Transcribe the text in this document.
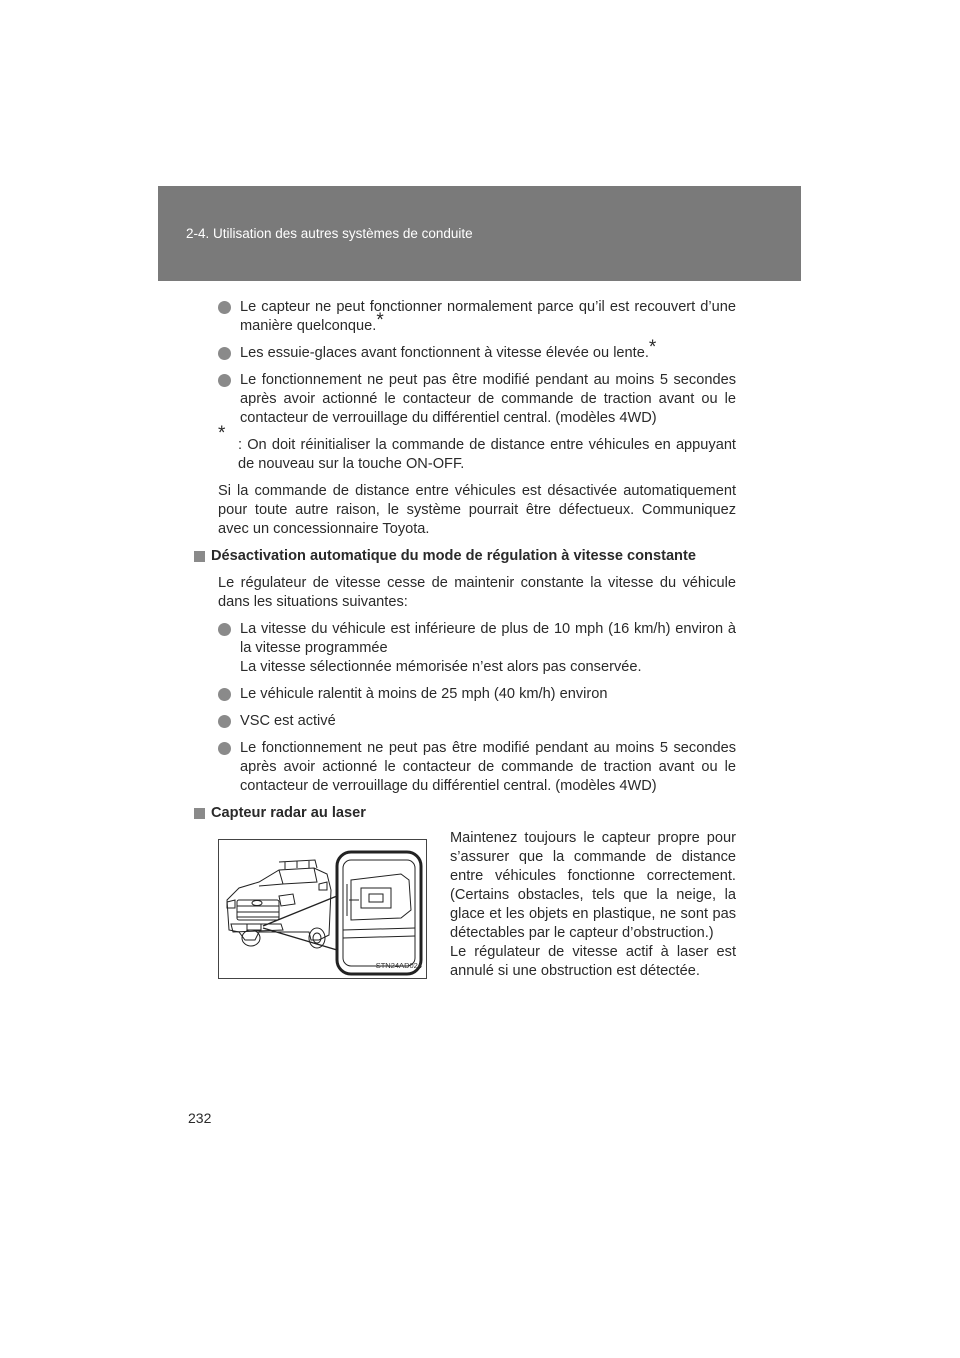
2-4. Utilisation des autres systèmes de conduite
Le capteur ne peut fonctionner normalement parce qu’il est recouvert d’une manière quelconque.*
Les essuie-glaces avant fonctionnent à vitesse élevée ou lente.*
Le fonctionnement ne peut pas être modifié pendant au moins 5 secondes après avoir actionné le contacteur de commande de traction avant ou le contacteur de verrouillage du différentiel central. (modèles 4WD)
*
: On doit réinitialiser la commande de distance entre véhicules en appuyant de nouveau sur la touche ON-OFF.
Si la commande de distance entre véhicules est désactivée automatiquement pour toute autre raison, le système pourrait être défectueux. Communiquez avec un concessionnaire Toyota.
Désactivation automatique du mode de régulation à vitesse constante
Le régulateur de vitesse cesse de maintenir constante la vitesse du véhicule dans les situations suivantes:
La vitesse du véhicule est inférieure de plus de 10 mph (16 km/h) environ à la vitesse programmée
La vitesse sélectionnée mémorisée n’est alors pas conservée.
Le véhicule ralentit à moins de 25 mph (40 km/h) environ
VSC est activé
Le fonctionnement ne peut pas être modifié pendant au moins 5 secondes après avoir actionné le contacteur de commande de traction avant ou le contacteur de verrouillage du différentiel central. (modèles 4WD)
Capteur radar au laser
STN24AD024
Maintenez toujours le capteur propre pour s’assurer que la commande de distance entre véhicules fonctionne correctement. (Certains obstacles, tels que la neige, la glace et les objets en plastique, ne sont pas détectables par le capteur d’obstruction.)
Le régulateur de vitesse actif à laser est annulé si une obstruction est détectée.
232
